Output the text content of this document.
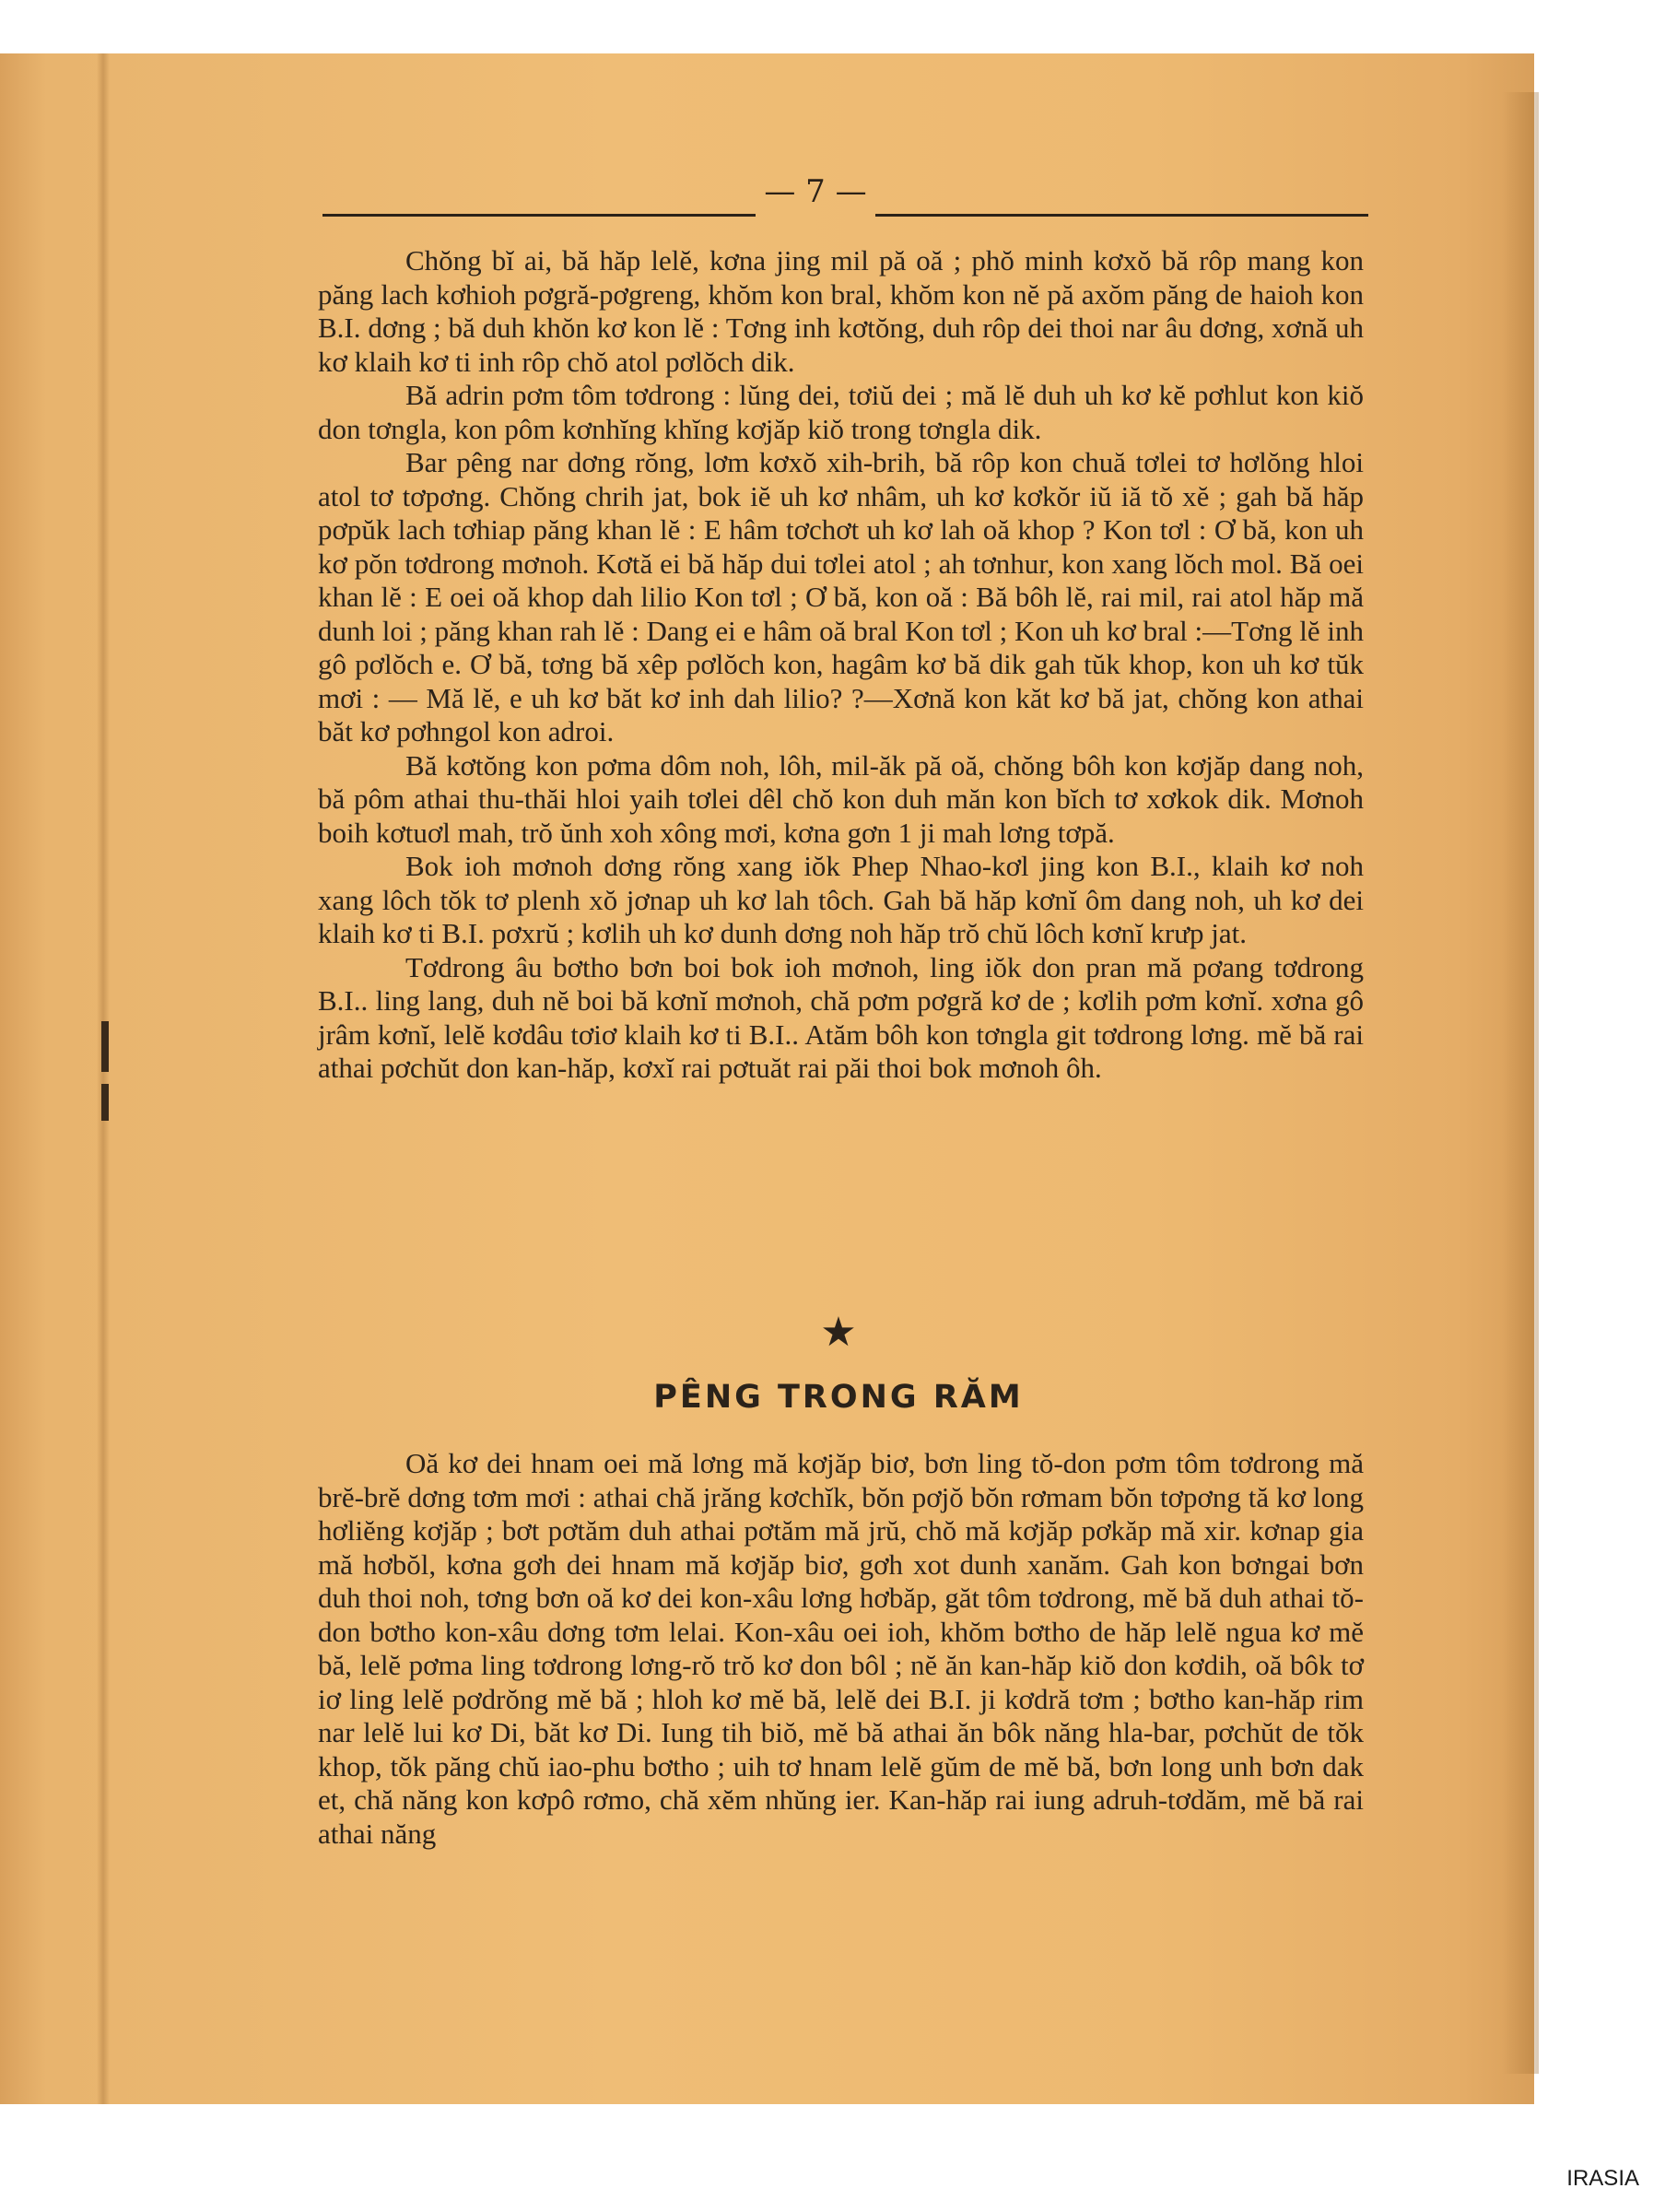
— 7 —

Chŏng bĭ ai, bă hăp lelĕ, kơna jing mil pă oă ; phŏ minh kơxŏ bă rôp mang kon păng lach kơhioh pơgră-pơgreng, khŏm kon bral, khŏm kon nĕ pă axŏm păng de haioh kon B.I. dơng ; bă duh khŏn kơ kon lĕ : Tơng inh kơtŏng, duh rôp dei thoi nar âu dơng, xơnă uh kơ klaih kơ ti inh rôp chŏ atol pơlŏch dik.

Bă adrin pơm tôm tơdrong : lŭng dei, tơiŭ dei ; mă lĕ duh uh kơ kĕ pơhlut kon kiŏ don tơngla, kon pôm kơnhĭng khĭng kơjăp kiŏ trong tơngla dik.

Bar pêng nar dơng rŏng, lơm kơxŏ xih-brih, bă rôp kon chuă tơlei tơ hơlŏng hloi atol tơ tơpơng. Chŏng chrih jat, bok iĕ uh kơ nhâm, uh kơ kơkŏr iŭ iă tŏ xĕ ; gah bă hăp pơpŭk lach tơhiap păng khan lĕ : E hâm tơchơt uh kơ lah oă khop ? Kon tơl : Ơ bă, kon uh kơ pŏn tơdrong mơnoh. Kơtă ei bă hăp dui tơlei atol ; ah tơnhur, kon xang lŏch mol. Bă oei khan lĕ : E oei oă khop dah lilio Kon tơl ; Ơ bă, kon oă : Bă bôh lĕ, rai mil, rai atol hăp mă dunh loi ; păng khan rah lĕ : Dang ei e hâm oă bral Kon tơl ; Kon uh kơ bral :—Tơng lĕ inh gô pơlŏch e. Ơ bă, tơng bă xêp pơlŏch kon, hagâm kơ bă dik gah tŭk khop, kon uh kơ tŭk mơi : — Mă lĕ, e uh kơ băt kơ inh dah lilio? ?—Xơnă kon kăt kơ bă jat, chŏng kon athai băt kơ pơhngol kon adroi.

Bă kơtŏng kon pơma dôm noh, lôh, mil-ăk pă oă, chŏng bôh kon kơjăp dang noh, bă pôm athai thu-thăi hloi yaih tơlei dêl chŏ kon duh măn kon bĭch tơ xơkok dik. Mơnoh boih kơtuơl mah, trŏ ŭnh xoh xông mơi, kơna gơn 1 ji mah lơng tơpă.

Bok ioh mơnoh dơng rŏng xang iŏk Phep Nhao-kơl jing kon B.I., klaih kơ noh xang lôch tŏk tơ plenh xŏ jơnap uh kơ lah tôch. Gah bă hăp kơnĭ ôm dang noh, uh kơ dei klaih kơ ti B.I. pơxrŭ ; kơlih uh kơ dunh dơng noh hăp trŏ chŭ lôch kơnĭ krưp jat.

Tơdrong âu bơtho bơn boi bok ioh mơnoh, ling iŏk don pran mă pơang tơdrong B.I.. ling lang, duh nĕ boi bă kơnĭ mơnoh, chă pơm pơgră kơ de ; kơlih pơm kơnĭ. xơna gô jrâm kơnĭ, lelĕ kơdâu tơiơ klaih kơ ti B.I.. Atăm bôh kon tơngla git tơdrong lơng. mĕ bă rai athai pơchŭt don kan-hăp, kơxĭ rai pơtuăt rai păi thoi bok mơnoh ôh.

★
PÊNG TRONG RĂM

Oă kơ dei hnam oei mă lơng mă kơjăp biơ, bơn ling tŏ-don pơm tôm tơdrong mă brĕ-brĕ dơng tơm mơi : athai chă jrăng kơchĭk, bŏn pơjŏ bŏn rơmam bŏn tơpơng tă kơ long hơliĕng kơjăp ; bơt pơtăm duh athai pơtăm mă jrŭ, chŏ mă kơjăp pơkăp mă xir. kơnap gia mă hơbŏl, kơna gơh dei hnam mă kơjăp biơ, gơh xot dunh xanăm. Gah kon bơngai bơn duh thoi noh, tơng bơn oă kơ dei kon-xâu lơng hơbăp, găt tôm tơdrong, mĕ bă duh athai tŏ-don bơtho kon-xâu dơng tơm lelai. Kon-xâu oei ioh, khŏm bơtho de hăp lelĕ ngua kơ mĕ bă, lelĕ pơma ling tơdrong lơng-rŏ trŏ kơ don bôl ; nĕ ăn kan-hăp kiŏ don kơdih, oă bôk tơ iơ ling lelĕ pơdrŏng mĕ bă ; hloh kơ mĕ bă, lelĕ dei B.I. ji kơdră tơm ; bơtho kan-hăp rim nar lelĕ lui kơ Di, băt kơ Di. Iung tih biŏ, mĕ bă athai ăn bôk năng hla-bar, pơchŭt de tŏk khop, tŏk păng chŭ iao-phu bơtho ; uih tơ hnam lelĕ gŭm de mĕ bă, bơn long unh bơn dak et, chă năng kon kơpô rơmo, chă xĕm nhŭng ier. Kan-hăp rai iung adruh-tơdăm, mĕ bă rai athai năng

IRASIA
